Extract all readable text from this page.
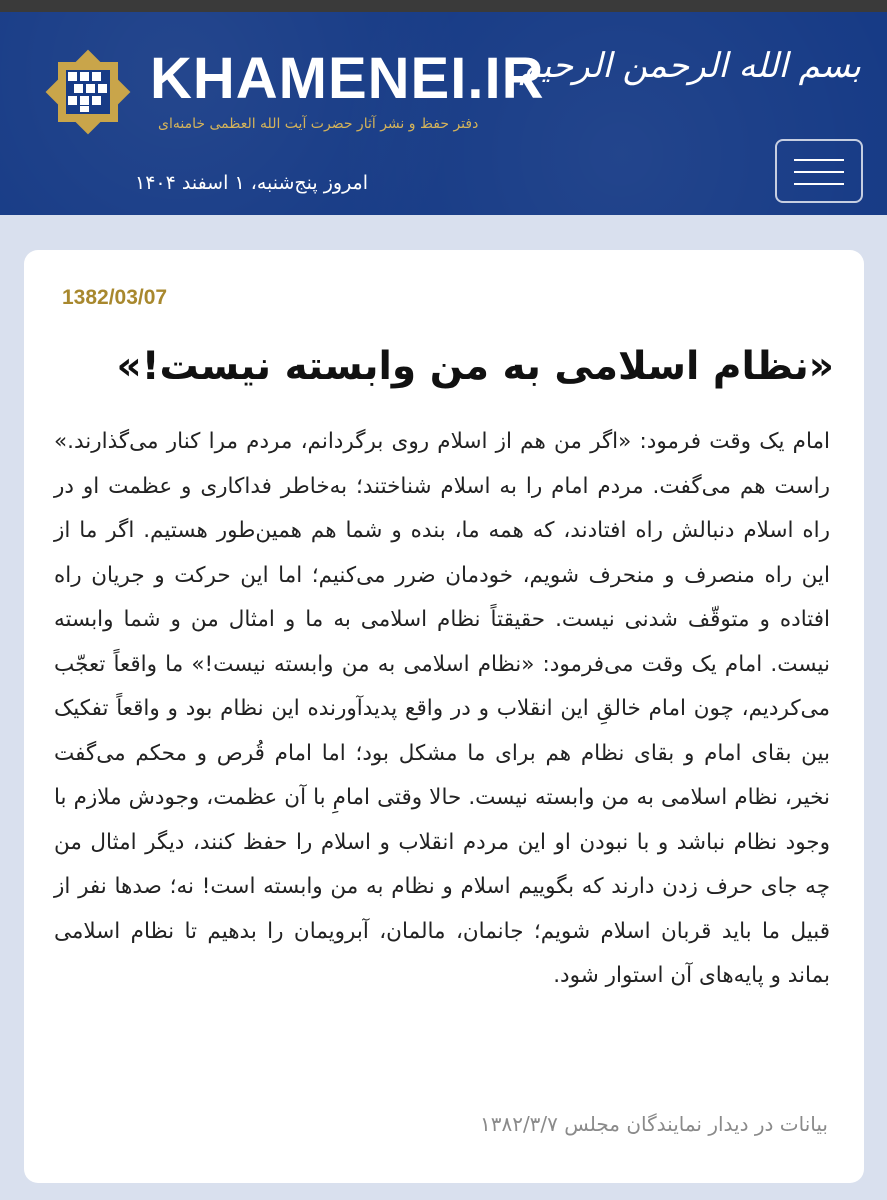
KHAMENEI.IR
دفتر حفظ و نشر آثار حضرت آیت الله العظمی خامنه‌ای
بسم الله الرحمن الرحیم
امروز پنج‌شنبه، ۱ اسفند ۱۴۰۴
1382/03/07
«نظام اسلامی به من وابسته نیست!»

امام یک وقت فرمود: «اگر من هم از اسلام روی برگردانم، مردم مرا کنار می‌گذارند.» راست هم می‌گفت. مردم امام را به اسلام شناختند؛ به‌خاطر فداکاری و عظمت او در راه اسلام دنبالش راه افتادند، که همه ما، بنده و شما هم همین‌طور هستیم. اگر ما از این راه منصرف و منحرف شویم، خودمان ضرر می‌کنیم؛ اما این حرکت و جریان راه افتاده و متوقّف شدنی نیست. حقیقتاً نظام اسلامی به ما و امثال من و شما وابسته نیست. امام یک وقت می‌فرمود: «نظام اسلامی به من وابسته نیست!» ما واقعاً تعجّب می‌کردیم، چون امام خالقِ این انقلاب و در واقع پدیدآورنده این نظام بود و واقعاً تفکیک بین بقای امام و بقای نظام هم برای ما مشکل بود؛ اما امام قُرص و محکم می‌گفت نخیر، نظام اسلامی به من وابسته نیست. حالا وقتی امامِ با آن عظمت، وجودش ملازم با وجود نظام نباشد و با نبودن او این مردم انقلاب و اسلام را حفظ کنند، دیگر امثال من چه جای حرف زدن دارند که بگوییم اسلام و نظام به من وابسته است! نه؛ صدها نفر از قبیل ما باید قربان اسلام شویم؛ جانمان، مالمان، آبرویمان را بدهیم تا نظام اسلامی بماند و پایه‌های آن استوار شود.

بیانات در دیدار نمایندگان مجلس ۱۳۸۲/۳/۷
